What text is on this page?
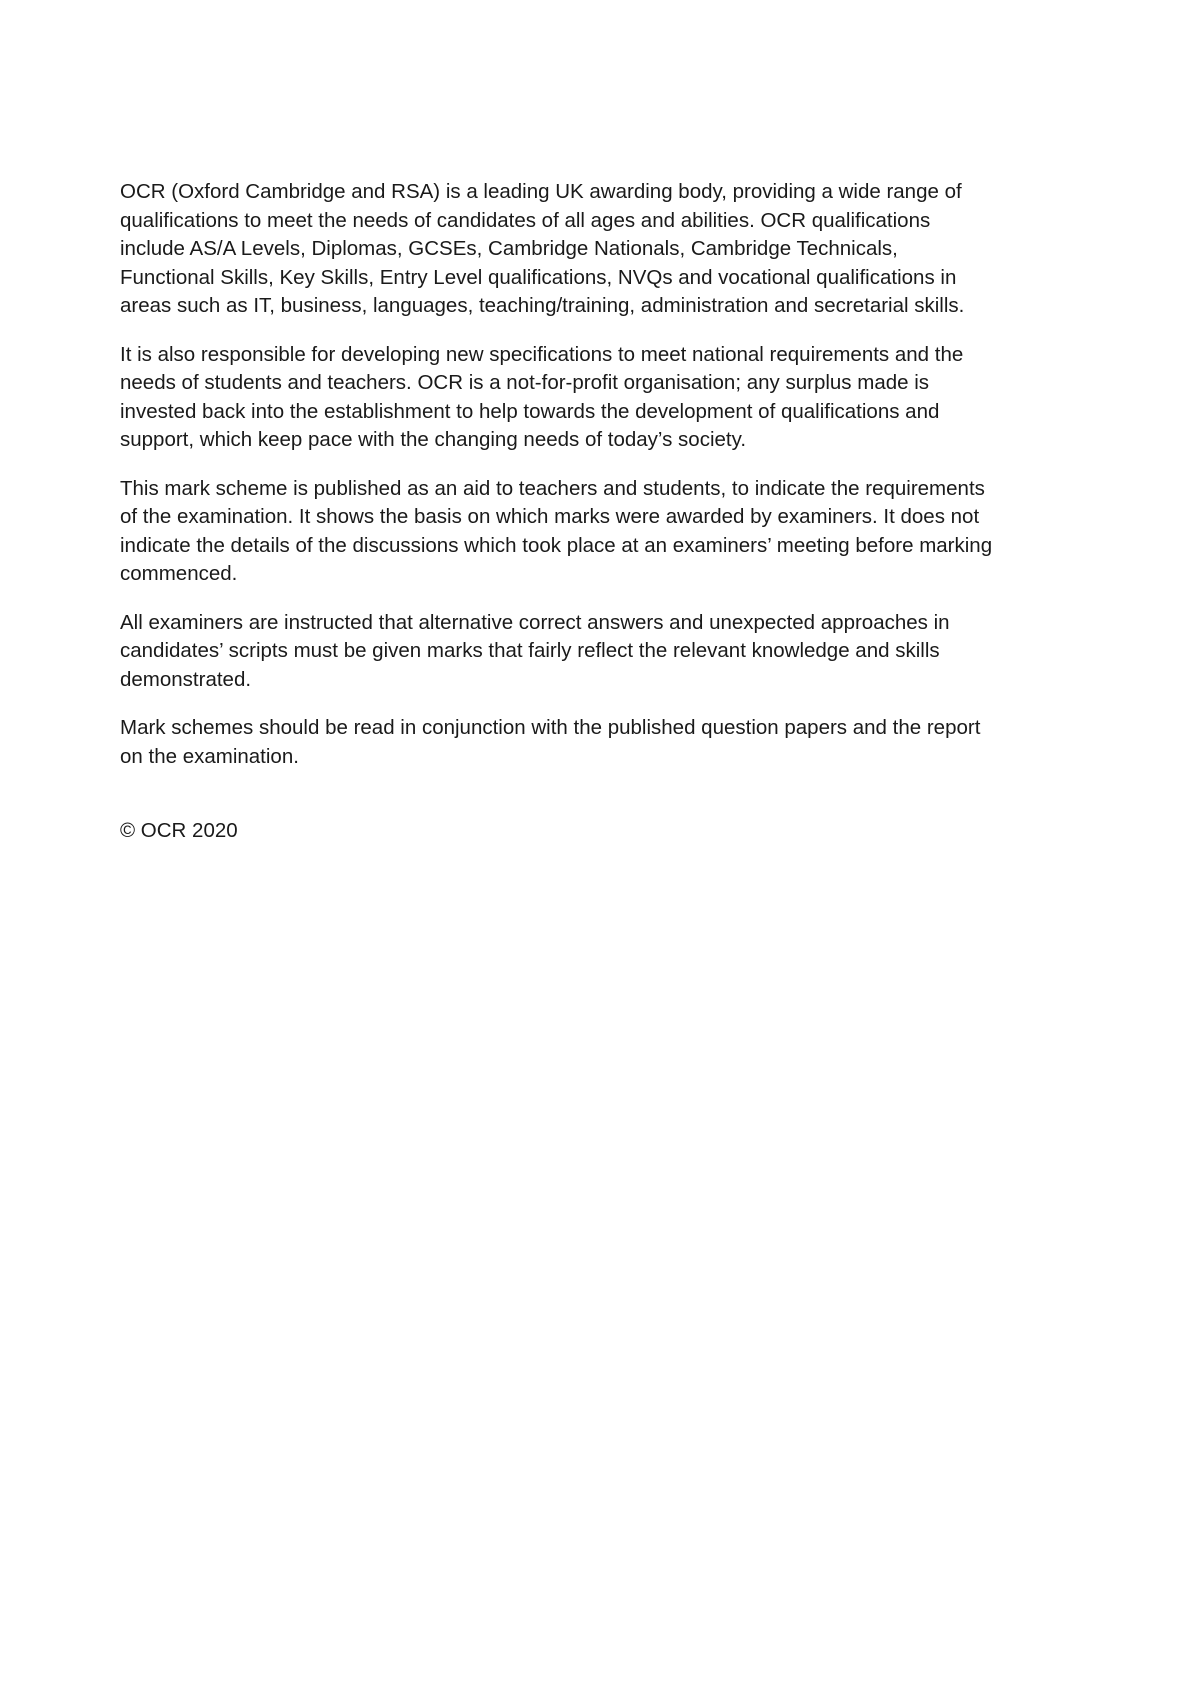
OCR (Oxford Cambridge and RSA) is a leading UK awarding body, providing a wide range of
qualifications to meet the needs of candidates of all ages and abilities. OCR qualifications
include AS/A Levels, Diplomas, GCSEs, Cambridge Nationals, Cambridge Technicals,
Functional Skills, Key Skills, Entry Level qualifications, NVQs and vocational qualifications in
areas such as IT, business, languages, teaching/training, administration and secretarial skills.

It is also responsible for developing new specifications to meet national requirements and the
needs of students and teachers. OCR is a not-for-profit organisation; any surplus made is
invested back into the establishment to help towards the development of qualifications and
support, which keep pace with the changing needs of today’s society.

This mark scheme is published as an aid to teachers and students, to indicate the requirements
of the examination. It shows the basis on which marks were awarded by examiners. It does not
indicate the details of the discussions which took place at an examiners’ meeting before marking
commenced.

All examiners are instructed that alternative correct answers and unexpected approaches in
candidates’ scripts must be given marks that fairly reflect the relevant knowledge and skills
demonstrated.

Mark schemes should be read in conjunction with the published question papers and the report
on the examination.

© OCR 2020
